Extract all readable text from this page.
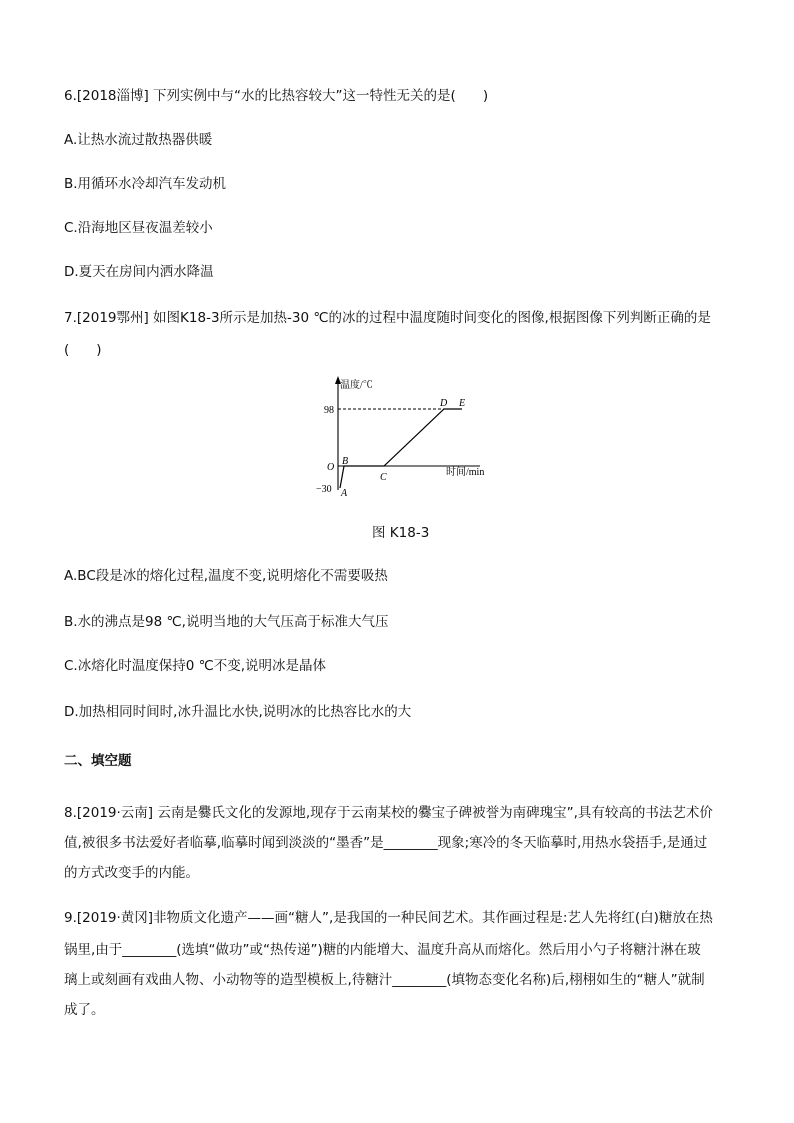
6.[2018淄博] 下列实例中与“水的比热容较大”这一特性无关的是(　　)
A.让热水流过散热器供暖
B.用循环水冷却汽车发动机
C.沿海地区昼夜温差较小
D.夏天在房间内洒水降温
7.[2019鄂州] 如图K18-3所示是加热-30 ℃的冰的过程中温度随时间变化的图像,根据图像下列判断正确的是
(　　)
温度/℃
时间/min
98
−30
O
A
B
C
D E
图 K18-3
A.BC段是冰的熔化过程,温度不变,说明熔化不需要吸热
B.水的沸点是98 ℃,说明当地的大气压高于标准大气压
C.冰熔化时温度保持0 ℃不变,说明冰是晶体
D.加热相同时间时,冰升温比水快,说明冰的比热容比水的大
二、填空题
8.[2019·云南] 云南是爨氏文化的发源地,现存于云南某校的爨宝子碑被誉为南碑瑰宝”,具有较高的书法艺术价
值,被很多书法爱好者临摹,临摹时闻到淡淡的“墨香”是________现象;寒冷的冬天临摹时,用热水袋捂手,是通过
的方式改变手的内能。
9.[2019·黄冈]非物质文化遗产——画“糖人”,是我国的一种民间艺术。其作画过程是:艺人先将红(白)糖放在热
锅里,由于________(选填“做功”或“热传递”)糖的内能增大、温度升高从而熔化。然后用小勺子将糖汁淋在玻
璃上或刻画有戏曲人物、小动物等的造型模板上,待糖汁________(填物态变化名称)后,栩栩如生的“糖人”就制
成了。
